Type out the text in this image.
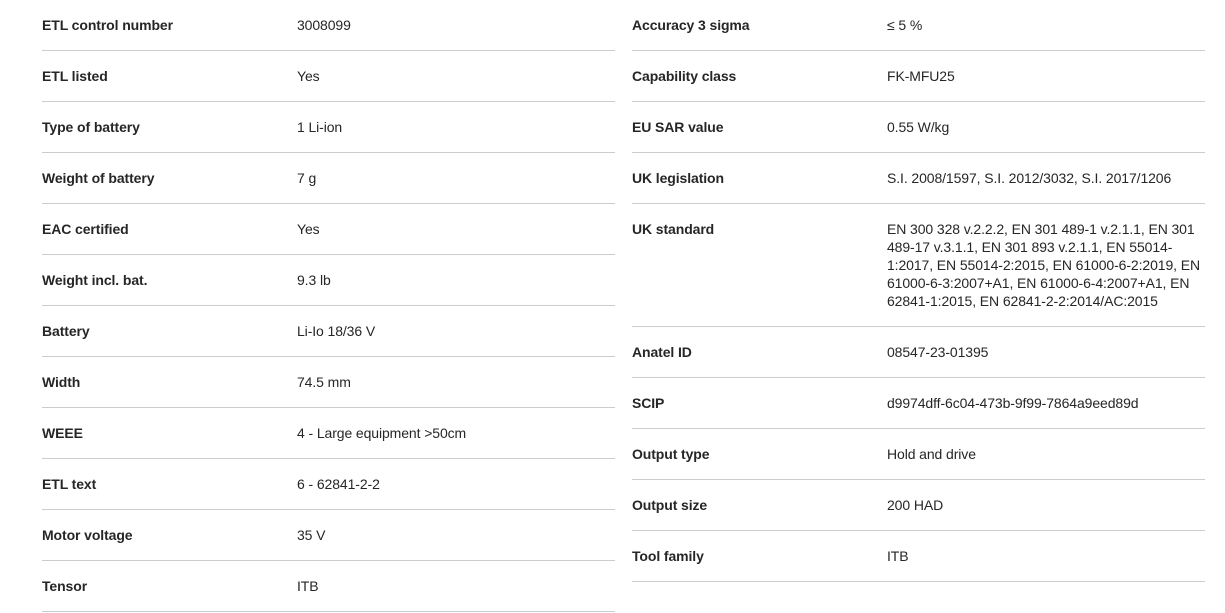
ETL control number	3008099
ETL listed	Yes
Type of battery	1 Li-ion
Weight of battery	7 g
EAC certified	Yes
Weight incl. bat.	9.3 lb
Battery	Li-Io 18/36 V
Width	74.5 mm
WEEE	4 - Large equipment >50cm
ETL text	6 - 62841-2-2
Motor voltage	35 V
Tensor	ITB
Accuracy 3 sigma	≤ 5 %
Capability class	FK-MFU25
EU SAR value	0.55 W/kg
UK legislation	S.I. 2008/1597, S.I. 2012/3032, S.I. 2017/1206
UK standard	EN 300 328 v.2.2.2, EN 301 489-1 v.2.1.1, EN 301 489-17 v.3.1.1, EN 301 893 v.2.1.1, EN 55014-1:2017, EN 55014-2:2015, EN 61000-6-2:2019, EN 61000-6-3:2007+A1, EN 61000-6-4:2007+A1, EN 62841-1:2015, EN 62841-2-2:2014/AC:2015
Anatel ID	08547-23-01395
SCIP	d9974dff-6c04-473b-9f99-7864a9eed89d
Output type	Hold and drive
Output size	200 HAD
Tool family	ITB
